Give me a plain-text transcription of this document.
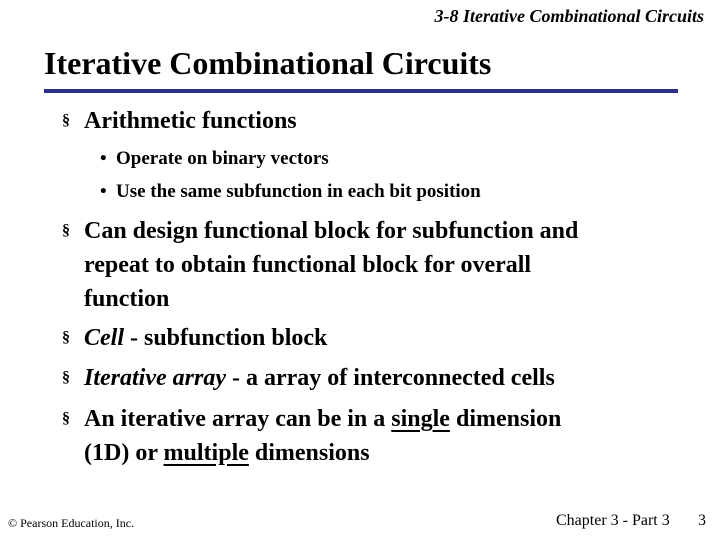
3-8 Iterative Combinational Circuits
Iterative Combinational Circuits
§ Arithmetic functions
• Operate on binary vectors
• Use the same subfunction in each bit position
§ Can design functional block for subfunction and
repeat to obtain functional block for overall
function
§ Cell - subfunction block
§ Iterative array - a array of interconnected cells
§ An iterative array can be in a single dimension
(1D) or multiple dimensions
© Pearson Education, Inc.	Chapter 3 - Part 3 3
